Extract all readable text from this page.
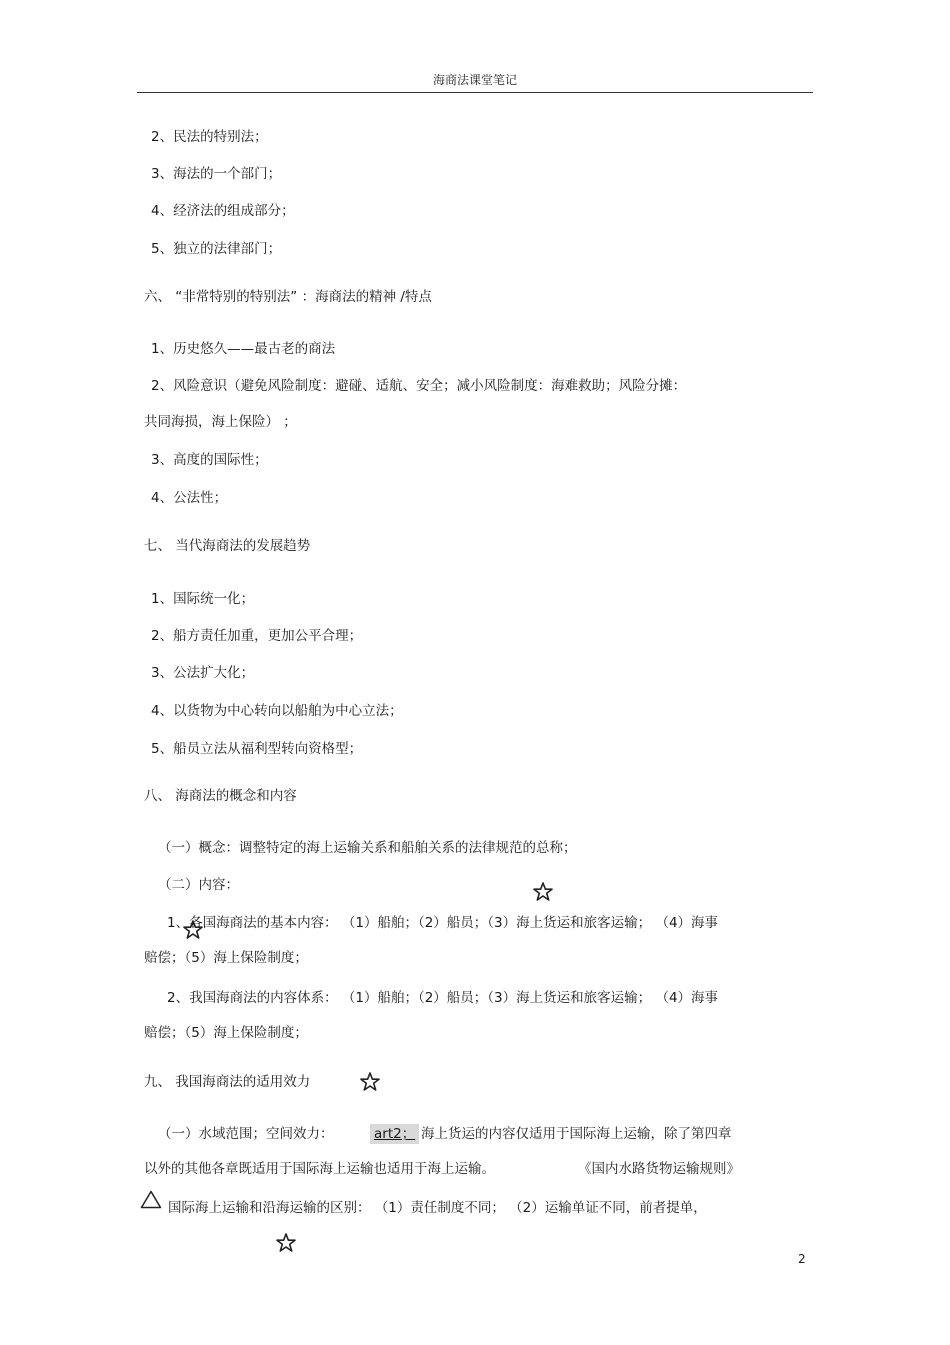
海商法课堂笔记
2、民法的特别法；
3、海法的一个部门；
4、经济法的组成部分；
5、独立的法律部门；
六、 “非常特别的特别法” ：海商法的精神 /特点
1、历史悠久——最古老的商法
2、风险意识（避免风险制度：避碰、适航、安全；减小风险制度：海难救助；风险分摊：
共同海损，海上保险） ；
3、高度的国际性；
4、公法性；
七、 当代海商法的发展趋势
1、国际统一化；
2、船方责任加重，更加公平合理；
3、公法扩大化；
4、以货物为中心转向以船舶为中心立法；
5、船员立法从福利型转向资格型；
八、 海商法的概念和内容
（一）概念：调整特定的海上运输关系和船舶关系的法律规范的总称；
（二）内容：
1、各国海商法的基本内容： （1）船舶；（2）船员；（3）海上货运和旅客运输； （4）海事
赔偿；（5）海上保险制度；
2、我国海商法的内容体系： （1）船舶；（2）船员；（3）海上货运和旅客运输； （4）海事
赔偿；（5）海上保险制度；
九、 我国海商法的适用效力
（一）水域范围；空间效力：	art2； 海上货运的内容仅适用于国际海上运输，除了第四章
以外的其他各章既适用于国际海上运输也适用于海上运输。	《国内水路货物运输规则》
国际海上运输和沿海运输的区别： （1）责任制度不同； （2）运输单证不同，前者提单，
2
